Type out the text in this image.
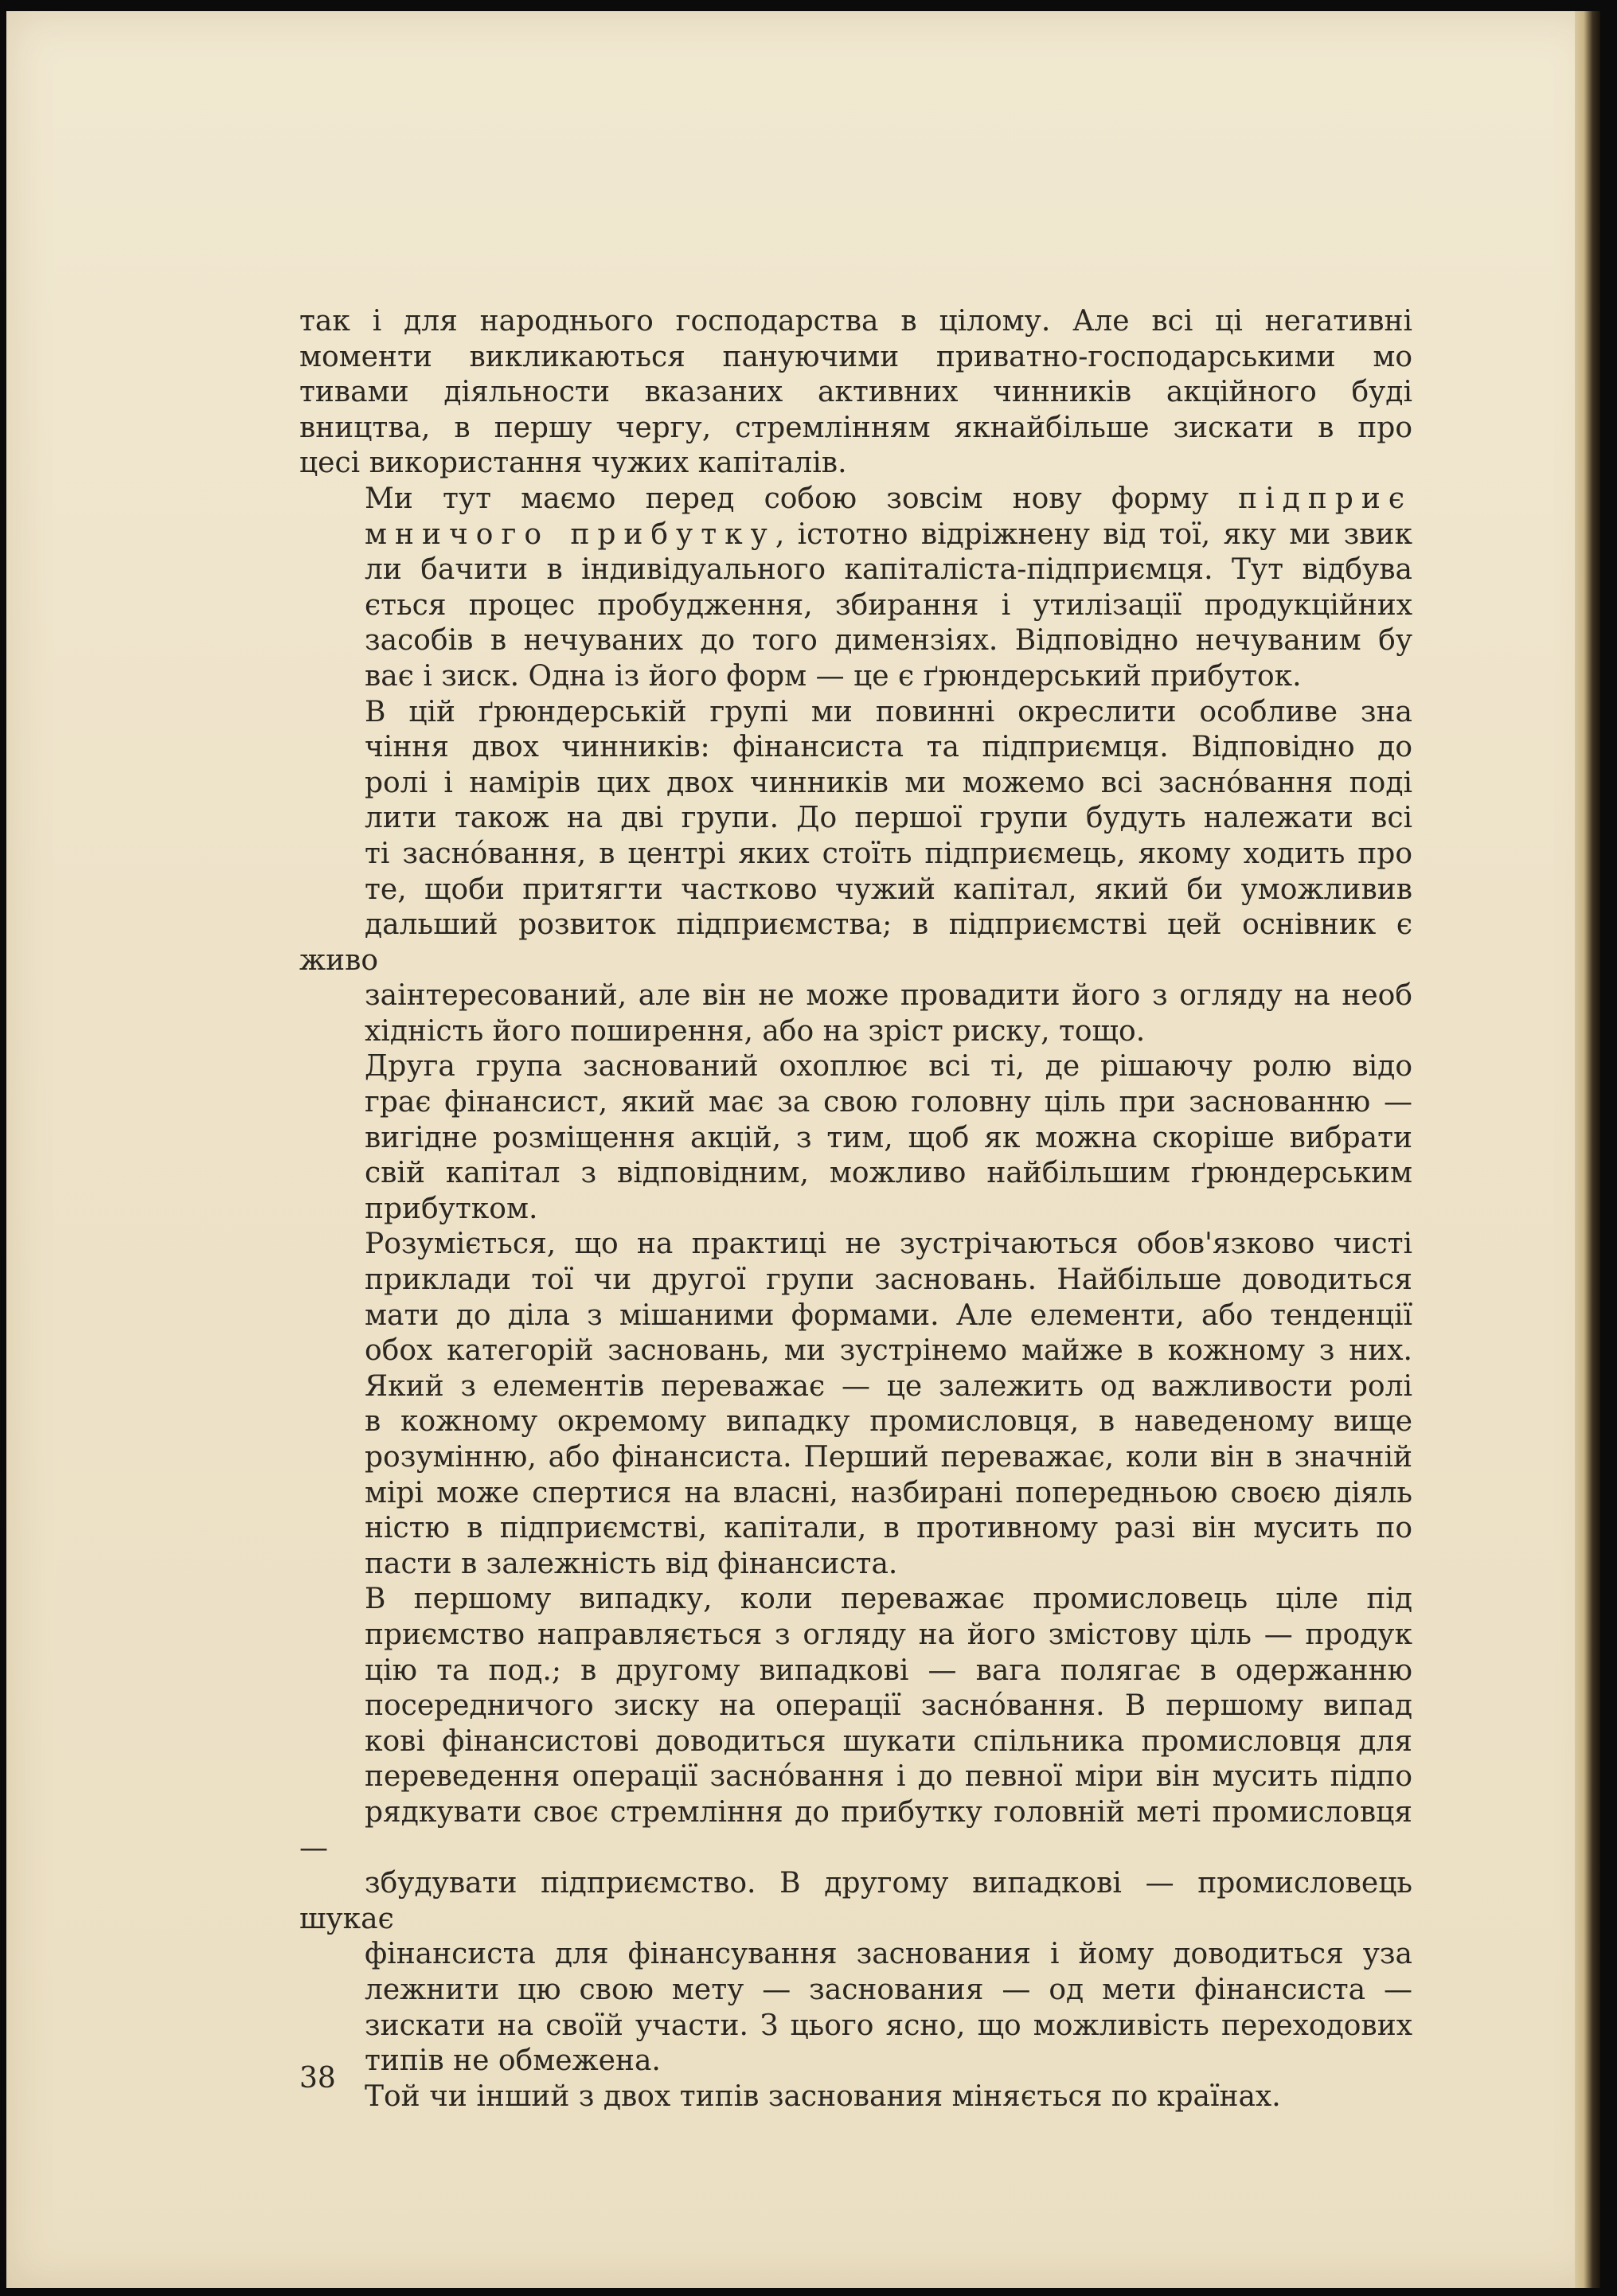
так і для народнього господарства в цілому. Але всі ці негативні
моменти викликаються пануючими приватно-господарськими мо
тивами діяльности вказаних активних чинників акційного буді
вництва, в першу чергу, стремлінням якнайбільше зискати в про
цесі використання чужих капіталів.

Ми тут маємо перед собою зовсім нову форму підприє
мничого прибутку, істотно відріжнену від тої, яку ми звик
ли бачити в індивідуального капіталіста-підприємця. Тут відбува
ється процес пробудження, збирання і утилізації продукційних
засобів в нечуваних до того димензіях. Відповідно нечуваним бу
ває і зиск. Одна із його форм — це є ґрюндерський прибуток.

В цій ґрюндерській групі ми повинні окреслити особливе зна
чіння двох чинників: фінансиста та підприємця. Відповідно до
ролі і намірів цих двох чинників ми можемо всі заснóвання поді
лити також на дві групи. До першої групи будуть належати всі
ті заснóвання, в центрі яких стоїть підприємець, якому ходить про
те, щоби притягти частково чужий капітал, який би уможливив
дальший розвиток підприємства; в підприємстві цей оснівник є живо
заінтересований, але він не може провадити його з огляду на необ
хідність його поширення, або на зріст риску, тощо.
Друга група заснований охоплює всі ті, де рішаючу ролю відо

грає фінансист, який має за свою головну ціль при заснованню —
вигідне розміщення акцій, з тим, щоб як можна скоріше вибрати
свій капітал з відповідним, можливо найбільшим ґрюндерським
прибутком.
Розуміється, що на практиці не зустрічаються обов'язково чисті

приклади тої чи другої групи засновань. Найбільше доводиться
мати до діла з мішаними формами. Але елементи, або тенденції
обох категорій засновань, ми зустрінемо майже в кожному з них.
Який з елементів переважає — це залежить од важливости ролі
в кожному окремому випадку промисловця, в наведеному вище
розумінню, або фінансиста. Перший переважає, коли він в значній
мірі може спертися на власні, назбирані попередньою своєю діяль
ністю в підприємстві, капітали, в противному разі він мусить по
пасти в залежність від фінансиста.
В першому випадку, коли переважає промисловець ціле під
приємство направляється з огляду на його змістову ціль — продук

цію та под.; в другому випадкові — вага полягає в одержанню
посередничого зиску на операції заснóвання. В першому випад
кові фінансистові доводиться шукати спільника промисловця для
переведення операції заснóвання і до певної міри він мусить підпо
рядкувати своє стремління до прибутку головній меті промисловця —
збудувати підприємство. В другому випадкові — промисловець шукає
фінансиста для фінансування заснования і йому доводиться уза
лежнити цю свою мету — заснования — од мети фінансиста —
зискати на своїй участи. З цього ясно, що можливість переходових
типів не обмежена.
Той чи інший з двох типів заснования міняється по країнах.

38
